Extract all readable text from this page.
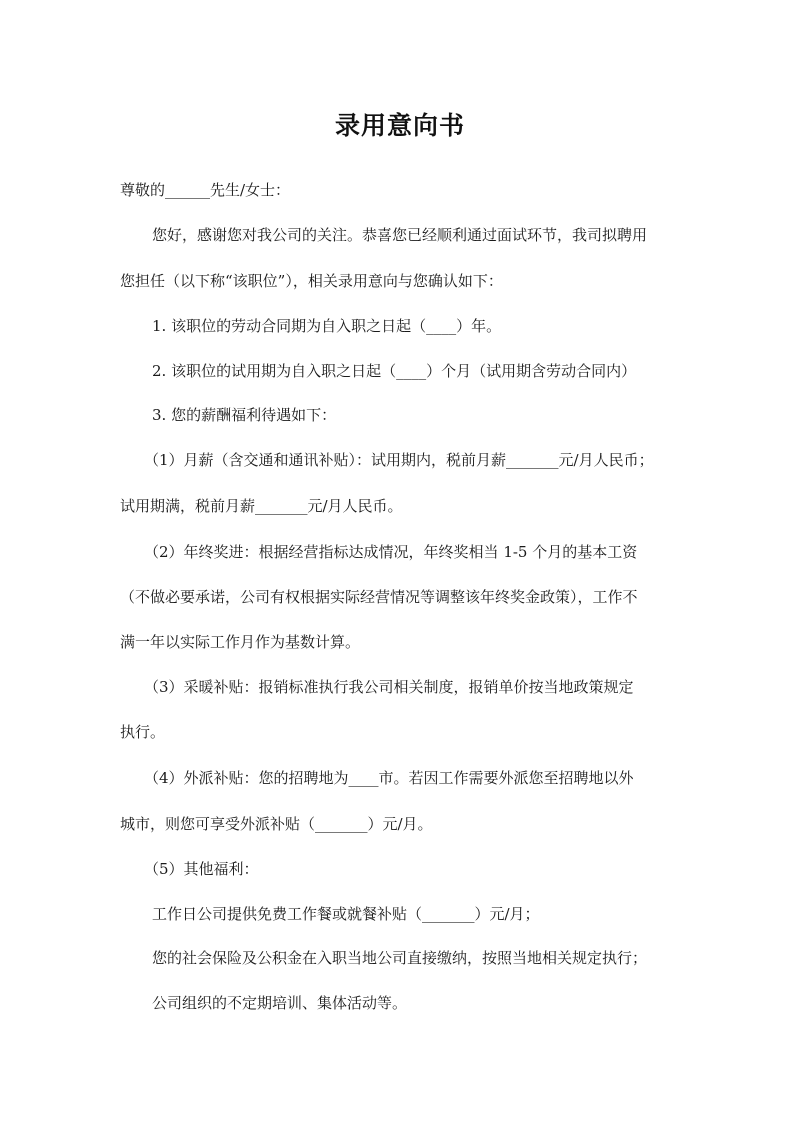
录用意向书
尊敬的______先生/女士：
您好，感谢您对我公司的关注。恭喜您已经顺利通过面试环节，我司拟聘用
您担任（以下称“该职位”），相关录用意向与您确认如下：
1. 该职位的劳动合同期为自入职之日起（____）年。
2. 该职位的试用期为自入职之日起（____）个月（试用期含劳动合同内）
3. 您的薪酬福利待遇如下：
（1）月薪（含交通和通讯补贴）：试用期内，税前月薪_______元/月人民币；
试用期满，税前月薪_______元/月人民币。
（2）年终奖进：根据经营指标达成情况，年终奖相当 1-5 个月的基本工资
（不做必要承诺，公司有权根据实际经营情况等调整该年终奖金政策），工作不
满一年以实际工作月作为基数计算。
（3）采暖补贴：报销标准执行我公司相关制度，报销单价按当地政策规定
执行。
（4）外派补贴：您的招聘地为____市。若因工作需要外派您至招聘地以外
城市，则您可享受外派补贴（_______）元/月。
（5）其他福利：
工作日公司提供免费工作餐或就餐补贴（_______）元/月；
您的社会保险及公积金在入职当地公司直接缴纳，按照当地相关规定执行；
公司组织的不定期培训、集体活动等。
